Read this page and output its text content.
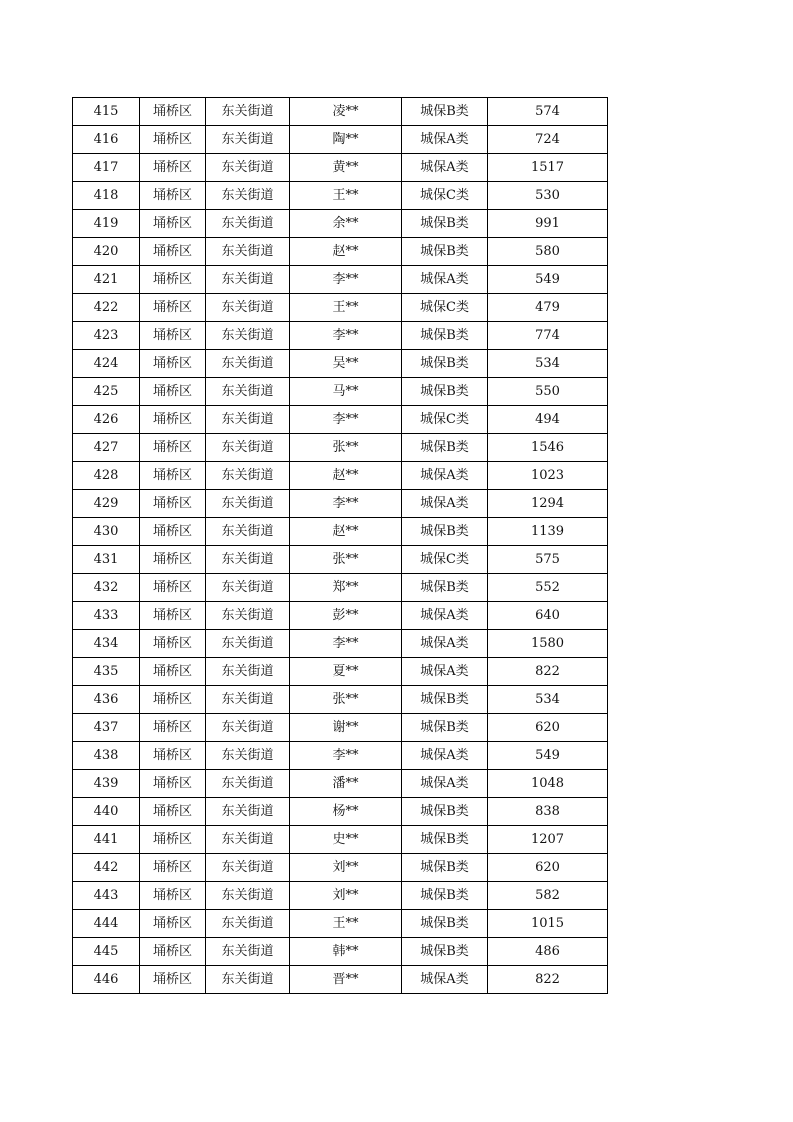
415	埇桥区	东关街道	凌**	城保B类	574
416	埇桥区	东关街道	陶**	城保A类	724
417	埇桥区	东关街道	黄**	城保A类	1517
418	埇桥区	东关街道	王**	城保C类	530
419	埇桥区	东关街道	余**	城保B类	991
420	埇桥区	东关街道	赵**	城保B类	580
421	埇桥区	东关街道	李**	城保A类	549
422	埇桥区	东关街道	王**	城保C类	479
423	埇桥区	东关街道	李**	城保B类	774
424	埇桥区	东关街道	吴**	城保B类	534
425	埇桥区	东关街道	马**	城保B类	550
426	埇桥区	东关街道	李**	城保C类	494
427	埇桥区	东关街道	张**	城保B类	1546
428	埇桥区	东关街道	赵**	城保A类	1023
429	埇桥区	东关街道	李**	城保A类	1294
430	埇桥区	东关街道	赵**	城保B类	1139
431	埇桥区	东关街道	张**	城保C类	575
432	埇桥区	东关街道	郑**	城保B类	552
433	埇桥区	东关街道	彭**	城保A类	640
434	埇桥区	东关街道	李**	城保A类	1580
435	埇桥区	东关街道	夏**	城保A类	822
436	埇桥区	东关街道	张**	城保B类	534
437	埇桥区	东关街道	谢**	城保B类	620
438	埇桥区	东关街道	李**	城保A类	549
439	埇桥区	东关街道	潘**	城保A类	1048
440	埇桥区	东关街道	杨**	城保B类	838
441	埇桥区	东关街道	史**	城保B类	1207
442	埇桥区	东关街道	刘**	城保B类	620
443	埇桥区	东关街道	刘**	城保B类	582
444	埇桥区	东关街道	王**	城保B类	1015
445	埇桥区	东关街道	韩**	城保B类	486
446	埇桥区	东关街道	晋**	城保A类	822
